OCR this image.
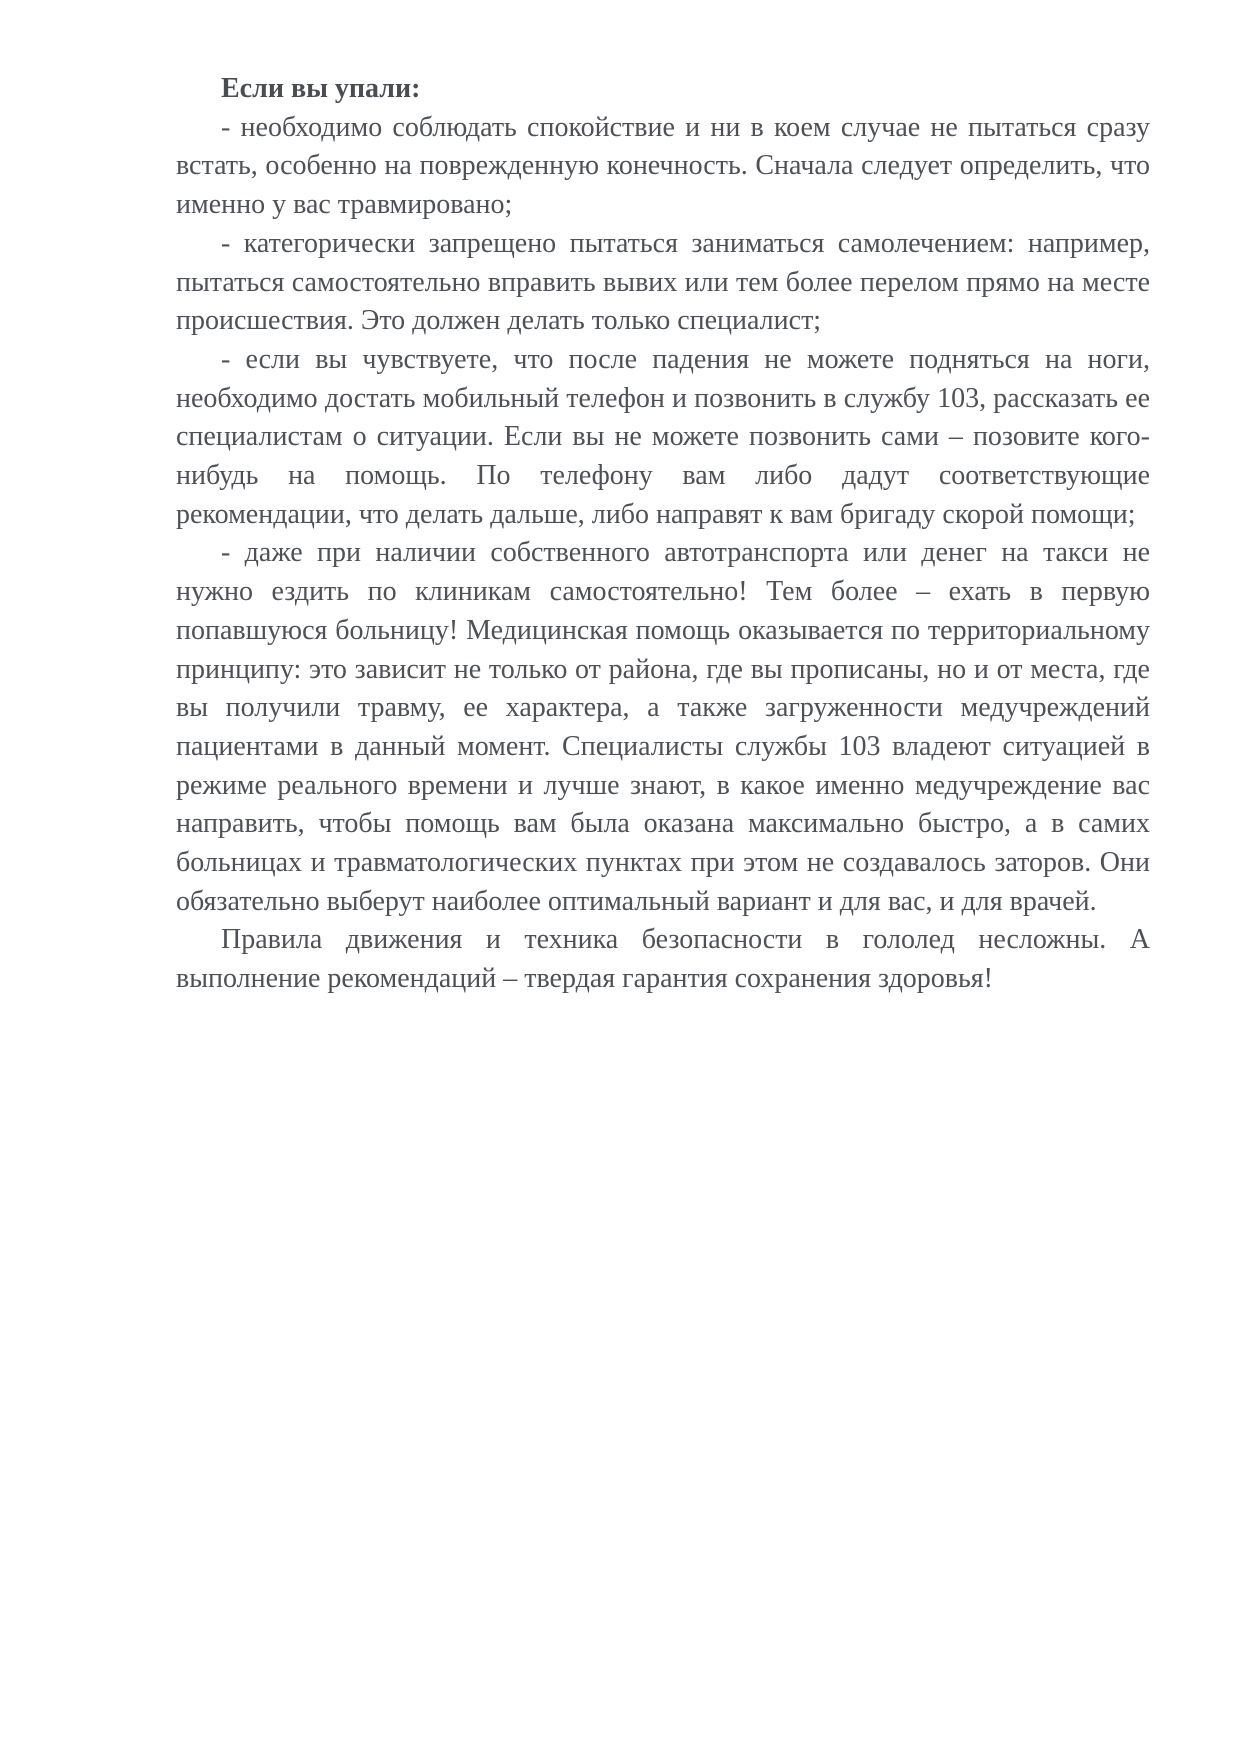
Если вы упали:

- необходимо соблюдать спокойствие и ни в коем случае не пытаться сразу встать, особенно на поврежденную конечность. Сначала следует определить, что именно у вас травмировано;

- категорически запрещено пытаться заниматься самолечением: например, пытаться самостоятельно вправить вывих или тем более перелом прямо на месте происшествия. Это должен делать только специалист;

- если вы чувствуете, что после падения не можете подняться на ноги, необходимо достать мобильный телефон и позвонить в службу 103, рассказать ее специалистам о ситуации. Если вы не можете позвонить сами – позовите кого-нибудь на помощь. По телефону вам либо дадут соответствующие рекомендации, что делать дальше, либо направят к вам бригаду скорой помощи;

- даже при наличии собственного автотранспорта или денег на такси не нужно ездить по клиникам самостоятельно! Тем более – ехать в первую попавшуюся больницу! Медицинская помощь оказывается по территориальному принципу: это зависит не только от района, где вы прописаны, но и от места, где вы получили травму, ее характера, а также загруженности медучреждений пациентами в данный момент. Специалисты службы 103 владеют ситуацией в режиме реального времени и лучше знают, в какое именно медучреждение вас направить, чтобы помощь вам была оказана максимально быстро, а в самих больницах и травматологических пунктах при этом не создавалось заторов. Они обязательно выберут наиболее оптимальный вариант и для вас, и для врачей.

Правила движения и техника безопасности в гололед несложны. А выполнение рекомендаций – твердая гарантия сохранения здоровья!
